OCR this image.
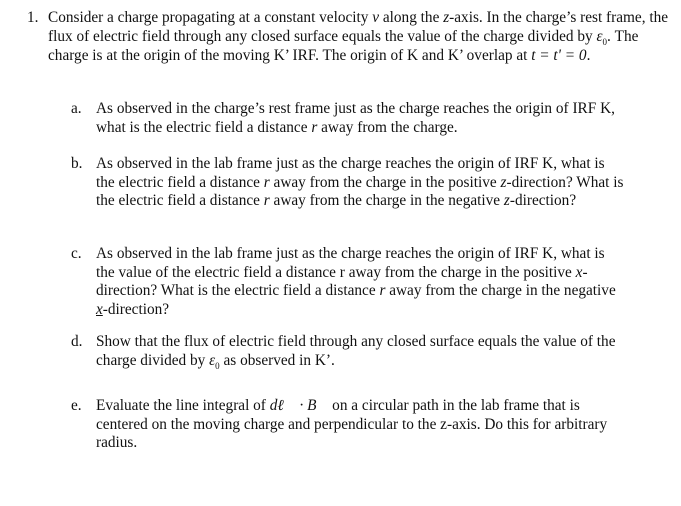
1. Consider a charge propagating at a constant velocity v along the z-axis. In the charge’s rest frame, the flux of electric field through any closed surface equals the value of the charge divided by $\varepsilon_0$. The charge is at the origin of the moving K’ IRF. The origin of K and K’ overlap at t = t' = 0.
a. As observed in the charge’s rest frame just as the charge reaches the origin of IRF K, what is the electric field a distance r away from the charge.
b. As observed in the lab frame just as the charge reaches the origin of IRF K, what is the electric field a distance r away from the charge in the positive z-direction? What is the electric field a distance r away from the charge in the negative z-direction?
c. As observed in the lab frame just as the charge reaches the origin of IRF K, what is the value of the electric field a distance r away from the charge in the positive x-direction? What is the electric field a distance r away from the charge in the negative x-direction?
d. Show that the flux of electric field through any closed surface equals the value of the charge divided by $\varepsilon_0$ as observed in K’.
e. Evaluate the line integral of dℓ⃗ · B⃗ on a circular path in the lab frame that is centered on the moving charge and perpendicular to the z-axis. Do this for arbitrary radius.
